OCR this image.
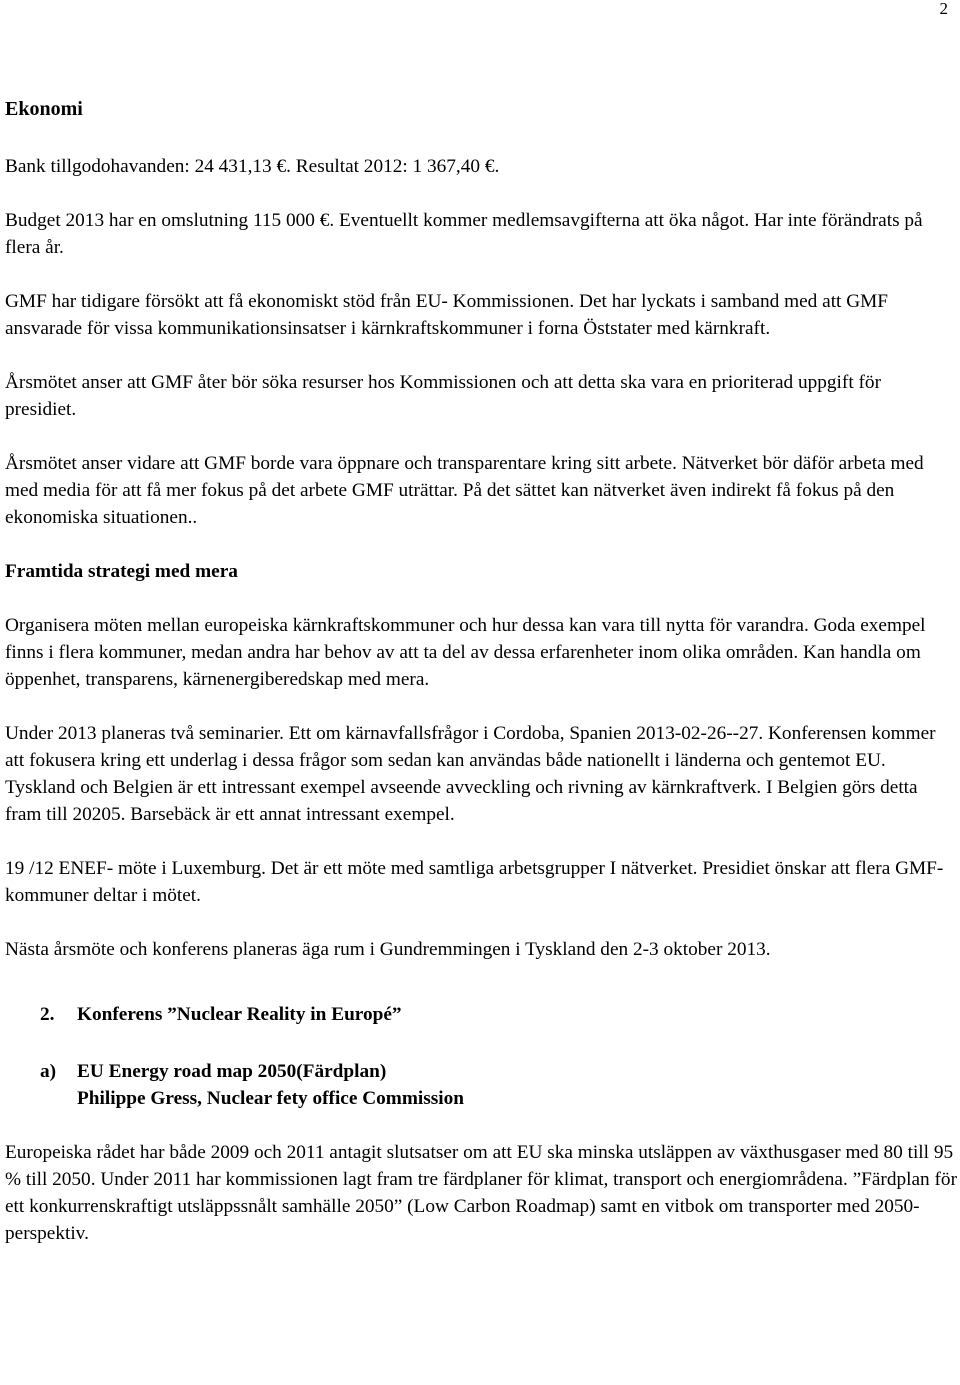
2

Ekonomi

Bank tillgodohavanden: 24 431,13 €. Resultat 2012: 1 367,40 €.

Budget 2013 har en omslutning 115 000 €. Eventuellt kommer medlemsavgifterna att öka något. Har inte förändrats på flera år.

GMF har tidigare försökt att få ekonomiskt stöd från EU- Kommissionen. Det har lyckats i samband med att GMF ansvarade för vissa kommunikationsinsatser i kärnkraftskommuner i forna Öststater med kärnkraft.

Årsmötet anser att GMF åter bör söka resurser hos Kommissionen och att detta ska vara en prioriterad uppgift för presidiet.

Årsmötet anser vidare att GMF borde vara öppnare och transparentare kring sitt arbete. Nätverket bör däför arbeta med med media för att få mer fokus på det arbete GMF uträttar. På det sättet kan nätverket även indirekt få fokus på den ekonomiska situationen..

Framtida strategi med mera

Organisera möten mellan europeiska kärnkraftskommuner och hur dessa kan vara till nytta för varandra. Goda exempel finns i flera kommuner, medan andra har behov av att ta del av dessa erfarenheter inom olika områden. Kan handla om öppenhet, transparens, kärnenergiberedskap med mera.

Under 2013 planeras två seminarier. Ett om kärnavfallsfrågor i Cordoba, Spanien 2013-02-26--27. Konferensen kommer att fokusera kring ett underlag i dessa frågor som sedan kan användas både nationellt i länderna och gentemot EU. Tyskland och Belgien är ett intressant exempel avseende avveckling och rivning av kärnkraftverk. I Belgien görs detta fram till 20205. Barsebäck är ett annat intressant exempel.

19 /12 ENEF- möte i Luxemburg. Det är ett möte med samtliga arbetsgrupper I nätverket. Presidiet önskar att flera GMF- kommuner deltar i mötet.

Nästa årsmöte och konferens planeras äga rum i Gundremmingen i Tyskland den 2-3 oktober 2013.

2.	Konferens ”Nuclear Reality in Europé”
a)	EU Energy road map 2050(Färdplan)
Philippe Gress, Nuclear fety office Commission

Europeiska rådet har både 2009 och 2011 antagit slutsatser om att EU ska minska utsläppen av växthusgaser med 80 till 95 % till 2050. Under 2011 har kommissionen lagt fram tre färdplaner för klimat, transport och energiområdena. ”Färdplan för ett konkurrenskraftigt utsläppssnålt samhälle 2050” (Low Carbon Roadmap) samt en vitbok om transporter med 2050-perspektiv.
